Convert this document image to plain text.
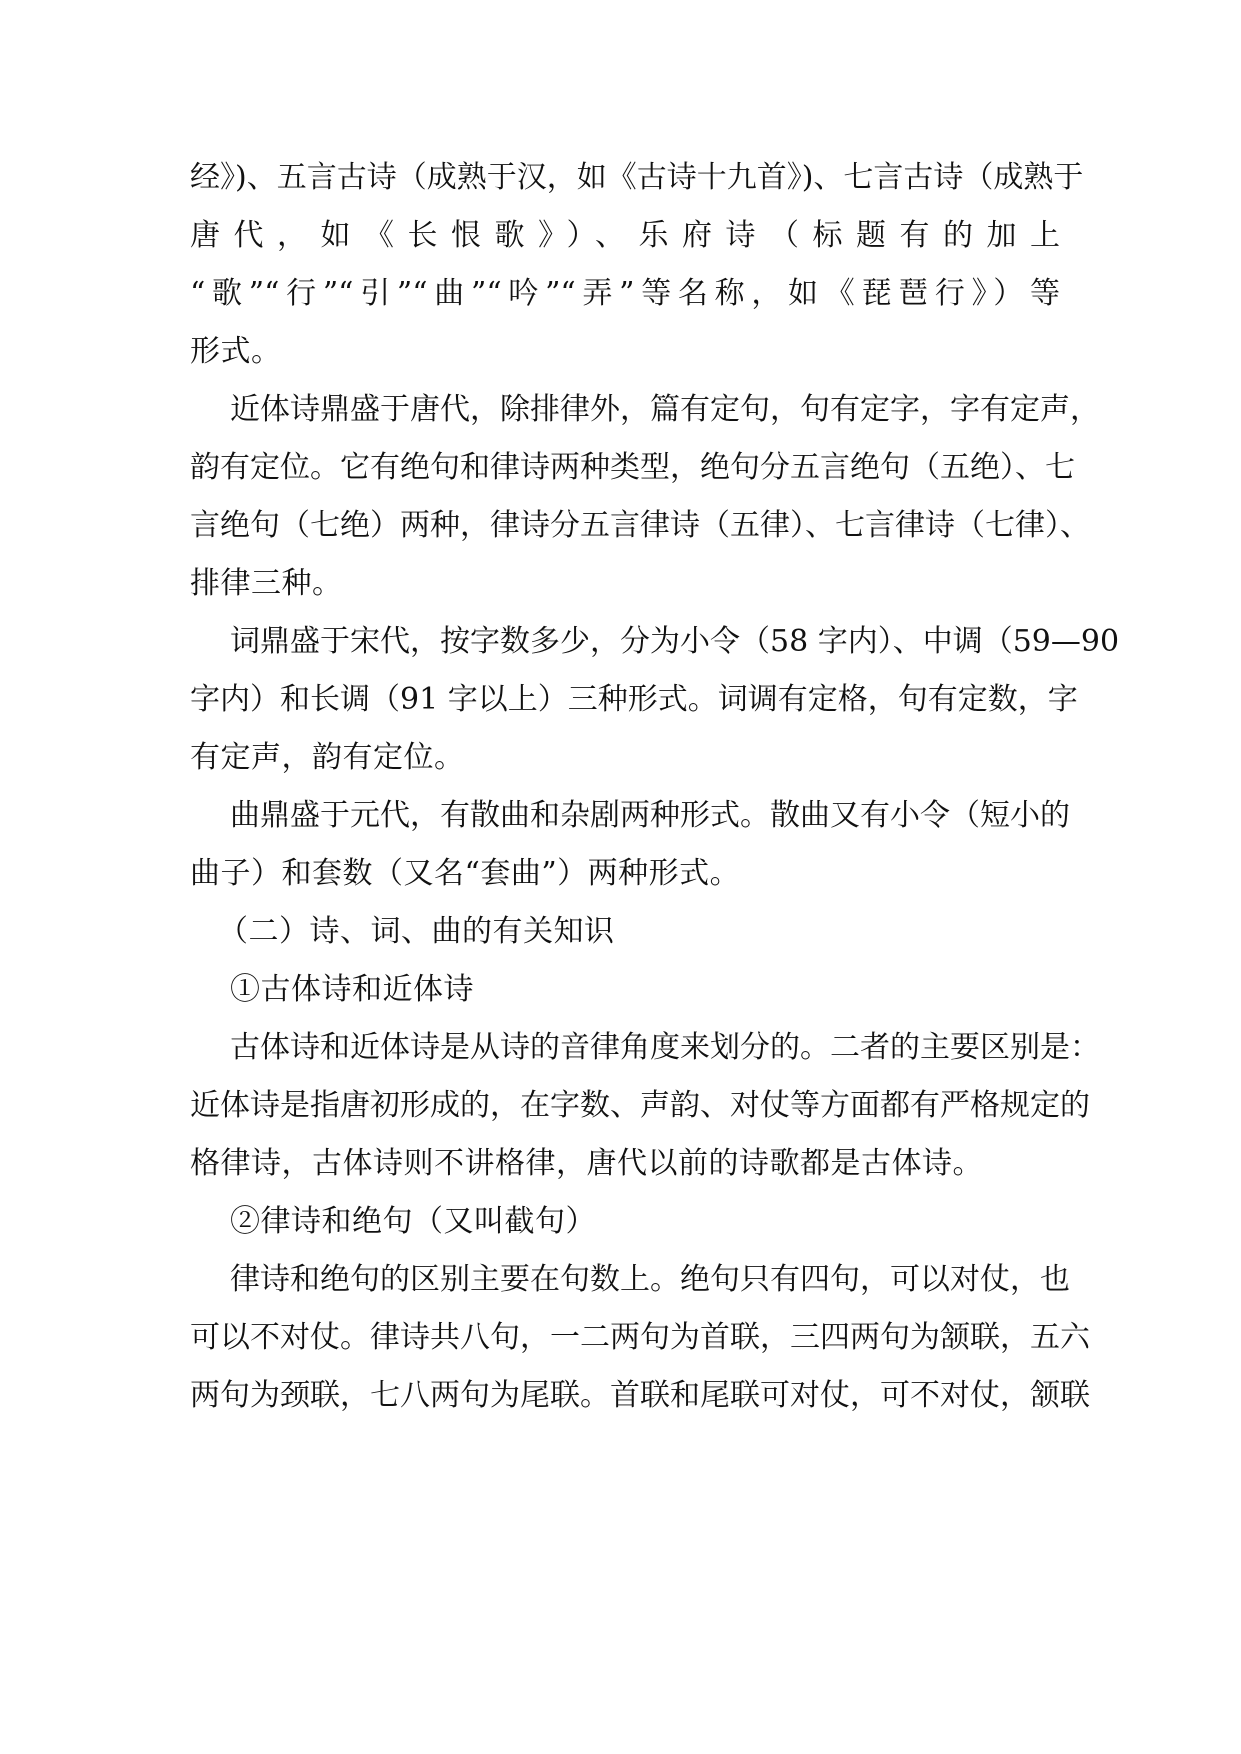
经》)、五言古诗（成熟于汉，如《古诗十九首》)、七言古诗（成熟于
唐代，如《长恨歌》）、乐府诗（标题有的加上
“歌”“行”“引”“曲”“吟”“弄”等名称，如《琵琶行》）等
形式。
近体诗鼎盛于唐代，除排律外，篇有定句，句有定字，字有定声，
韵有定位。它有绝句和律诗两种类型，绝句分五言绝句（五绝）、七
言绝句（七绝）两种，律诗分五言律诗（五律）、七言律诗（七律）、
排律三种。
词鼎盛于宋代，按字数多少，分为小令（58 字内）、中调（59—90
字内）和长调（91 字以上）三种形式。词调有定格，句有定数，字
有定声，韵有定位。
曲鼎盛于元代，有散曲和杂剧两种形式。散曲又有小令（短小的
曲子）和套数（又名“套曲”）两种形式。
（二）诗、词、曲的有关知识
①古体诗和近体诗
古体诗和近体诗是从诗的音律角度来划分的。二者的主要区别是：
近体诗是指唐初形成的，在字数、声韵、对仗等方面都有严格规定的
格律诗，古体诗则不讲格律，唐代以前的诗歌都是古体诗。
②律诗和绝句（又叫截句）
律诗和绝句的区别主要在句数上。绝句只有四句，可以对仗，也
可以不对仗。律诗共八句，一二两句为首联，三四两句为颔联，五六
两句为颈联，七八两句为尾联。首联和尾联可对仗，可不对仗，颔联
